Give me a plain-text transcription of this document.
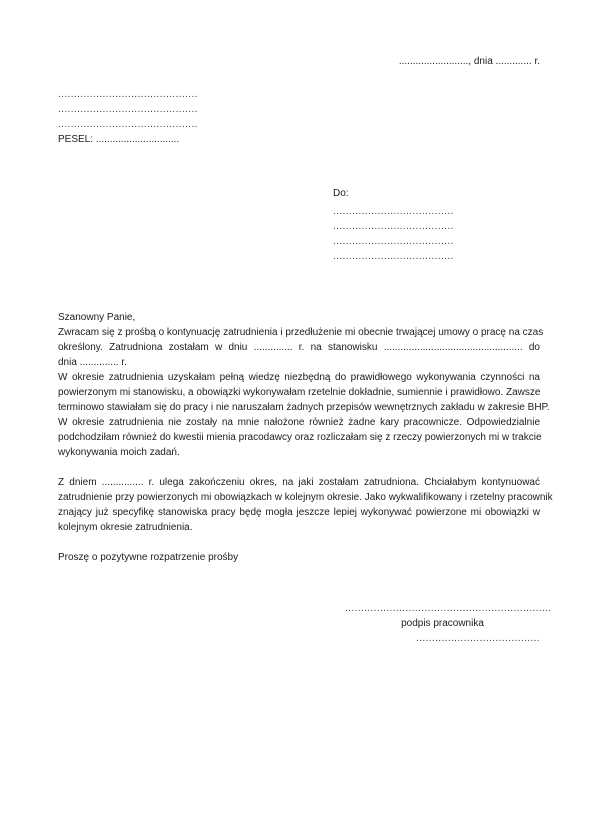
........................., dnia ............. r.
............................................
............................................
............................................
PESEL: ..............................
Do:
......................................
......................................
......................................
......................................
Szanowny Panie,
Zwracam się z prośbą o kontynuację zatrudnienia i przedłużenie mi obecnie trwającej umowy o pracę na czas
określony. Zatrudniona zostałam w dniu .............. r. na stanowisku .................................................. do
dnia .............. r.
W okresie zatrudnienia uzyskałam pełną wiedzę niezbędną do prawidłowego wykonywania czynności na
powierzonym mi stanowisku, a obowiązki wykonywałam rzetelnie dokładnie, sumiennie i prawidłowo. Zawsze
terminowo stawiałam się do pracy i nie naruszałam żadnych przepisów wewnętrznych zakładu w zakresie BHP.
W okresie zatrudnienia nie zostały na mnie nałożone również żadne kary pracownicze. Odpowiedzialnie
podchodziłam również do kwestii mienia pracodawcy oraz rozliczałam się z rzeczy powierzonych mi w trakcie
wykonywania moich zadań.
Z dniem ............... r. ulega zakończeniu okres, na jaki zostałam zatrudniona. Chciałabym kontynuować
zatrudnienie przy powierzonych mi obowiązkach w kolejnym okresie. Jako wykwalifikowany i rzetelny pracownik
znający już specyfikę stanowiska pracy będę mogła jeszcze lepiej wykonywać powierzone mi obowiązki w
kolejnym okresie zatrudnienia.
Proszę o pozytywne rozpatrzenie prośby
.................................................................
podpis pracownika
.......................................
